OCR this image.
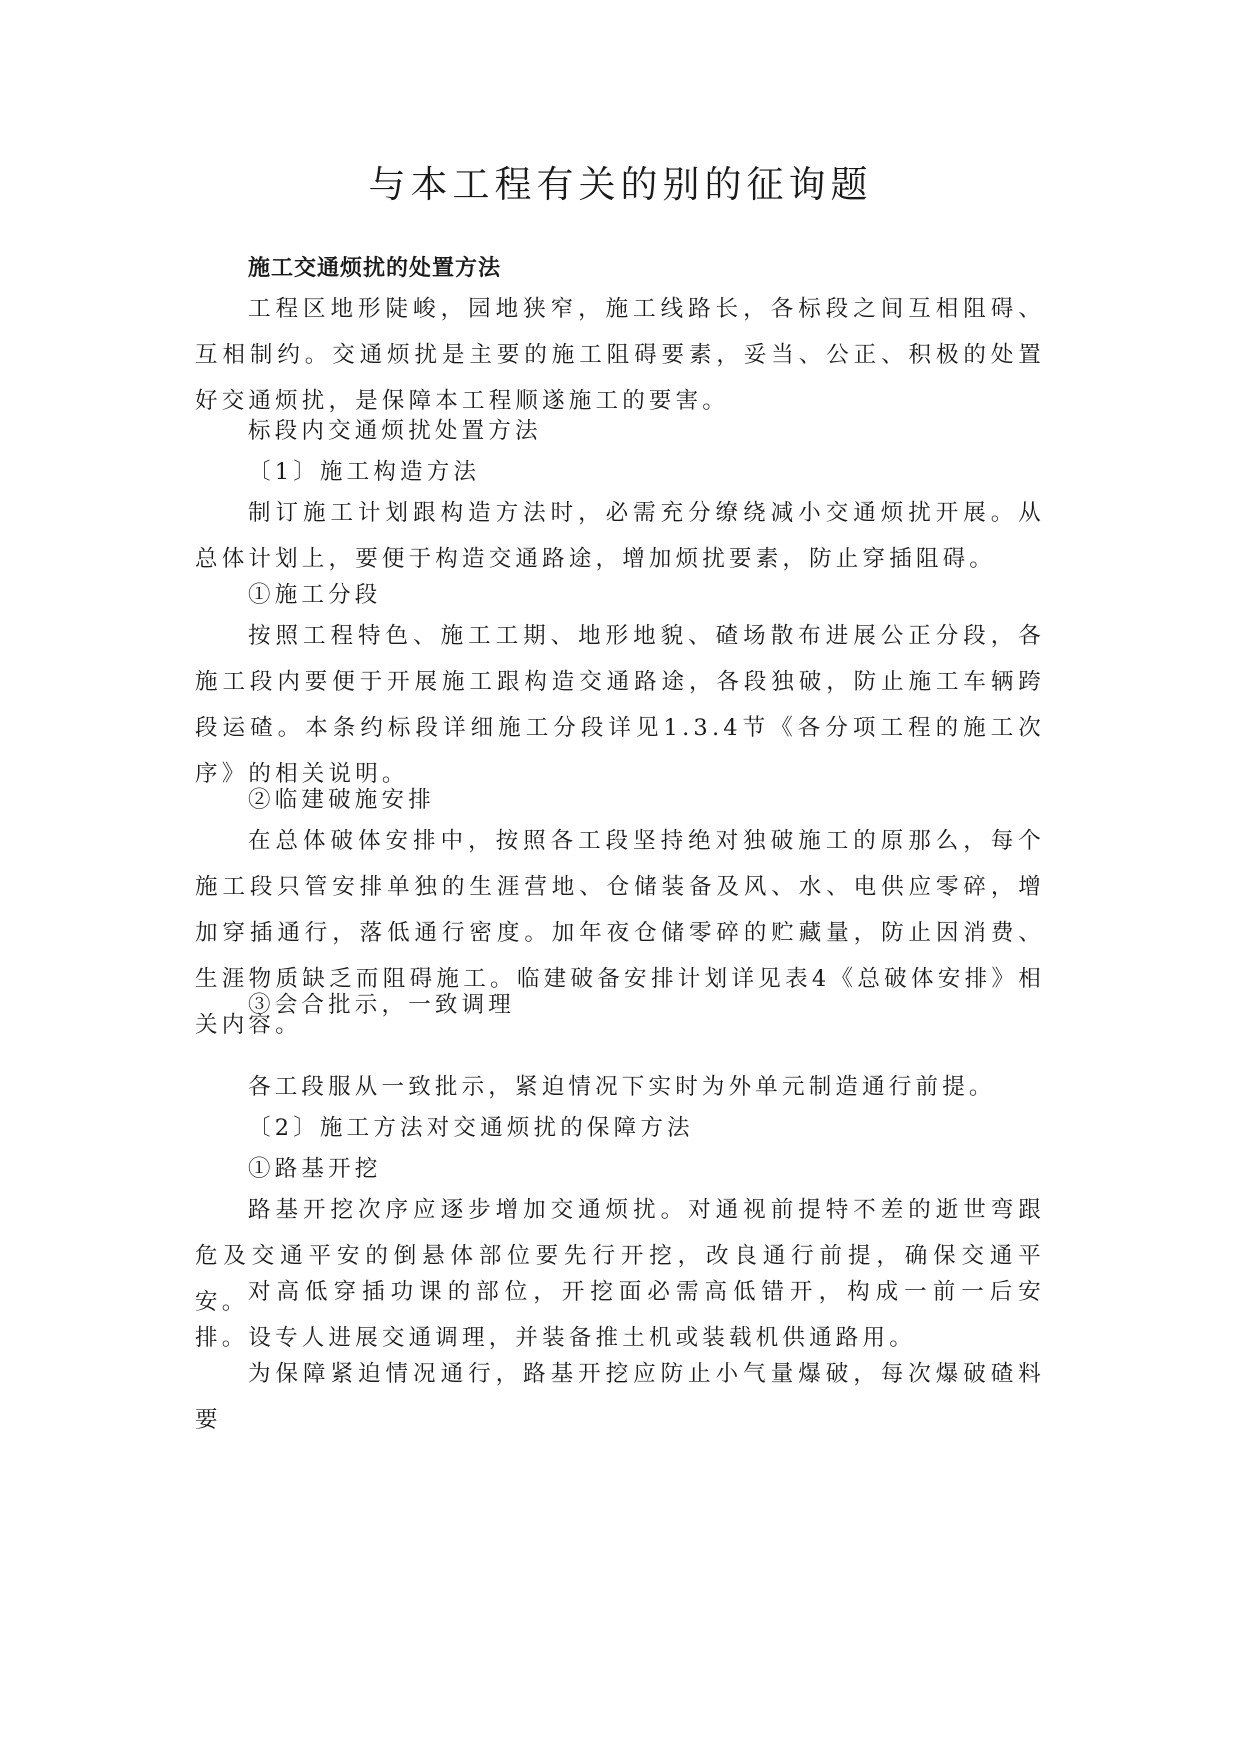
与本工程有关的别的征询题
施工交通烦扰的处置方法

工程区地形陡峻，园地狭窄，施工线路长，各标段之间互相阻碍、互相制约。交通烦扰是主要的施工阻碍要素，妥当、公正、积极的处置好交通烦扰，是保障本工程顺遂施工的要害。

标段内交通烦扰处置方法
〔1〕施工构造方法

制订施工计划跟构造方法时，必需充分缭绕减小交通烦扰开展。从总体计划上，要便于构造交通路途，增加烦扰要素，防止穿插阻碍。

①施工分段

按照工程特色、施工工期、地形地貌、碴场散布进展公正分段，各施工段内要便于开展施工跟构造交通路途，各段独破，防止施工车辆跨段运碴。本条约标段详细施工分段详见1.3.4节《各分项工程的施工次序》的相关说明。

②临建破施安排

在总体破体安排中，按照各工段坚持绝对独破施工的原那么，每个施工段只管安排单独的生涯营地、仓储装备及风、水、电供应零碎，增加穿插通行，落低通行密度。加年夜仓储零碎的贮藏量，防止因消费、生涯物质缺乏而阻碍施工。临建破备安排计划详见表4《总破体安排》相关内容。

③会合批示，一致调理
各工段服从一致批示，紧迫情况下实时为外单元制造通行前提。
〔2〕施工方法对交通烦扰的保障方法
①路基开挖

路基开挖次序应逐步增加交通烦扰。对通视前提特不差的逝世弯跟危及交通平安的倒悬体部位要先行开挖，改良通行前提，确保交通平安。 对高低穿插功课的部位，开挖面必需高低错开，构成一前一后安排。设专人进展交通调理，并装备推土机或装载机供通路用。

为保障紧迫情况通行，路基开挖应防止小气量爆破，每次爆破碴料要
